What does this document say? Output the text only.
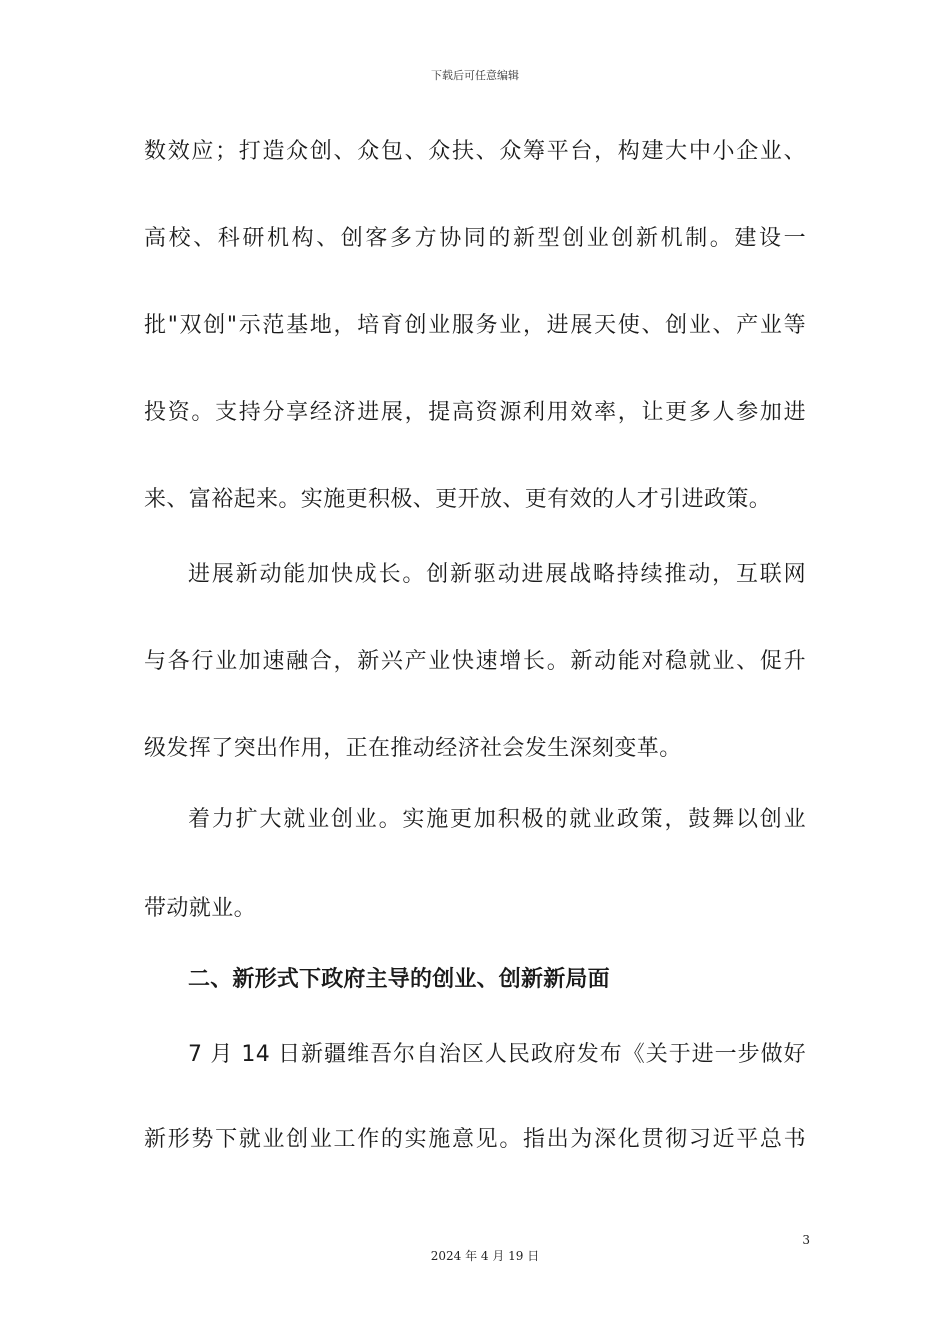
下载后可任意编辑
数效应；打造众创、众包、众扶、众筹平台，构建大中小企业、
高校、科研机构、创客多方协同的新型创业创新机制。建设一
批"双创"示范基地，培育创业服务业，进展天使、创业、产业等
投资。支持分享经济进展，提高资源利用效率，让更多人参加进
来、富裕起来。实施更积极、更开放、更有效的人才引进政策。
进展新动能加快成长。创新驱动进展战略持续推动，互联网
与各行业加速融合，新兴产业快速增长。新动能对稳就业、促升
级发挥了突出作用，正在推动经济社会发生深刻变革。
着力扩大就业创业。实施更加积极的就业政策，鼓舞以创业
带动就业。
二、新形式下政府主导的创业、创新新局面
7 月 14 日新疆维吾尔自治区人民政府发布《关于进一步做好
新形势下就业创业工作的实施意见。指出为深化贯彻习近平总书
3
2024 年 4 月 19 日
